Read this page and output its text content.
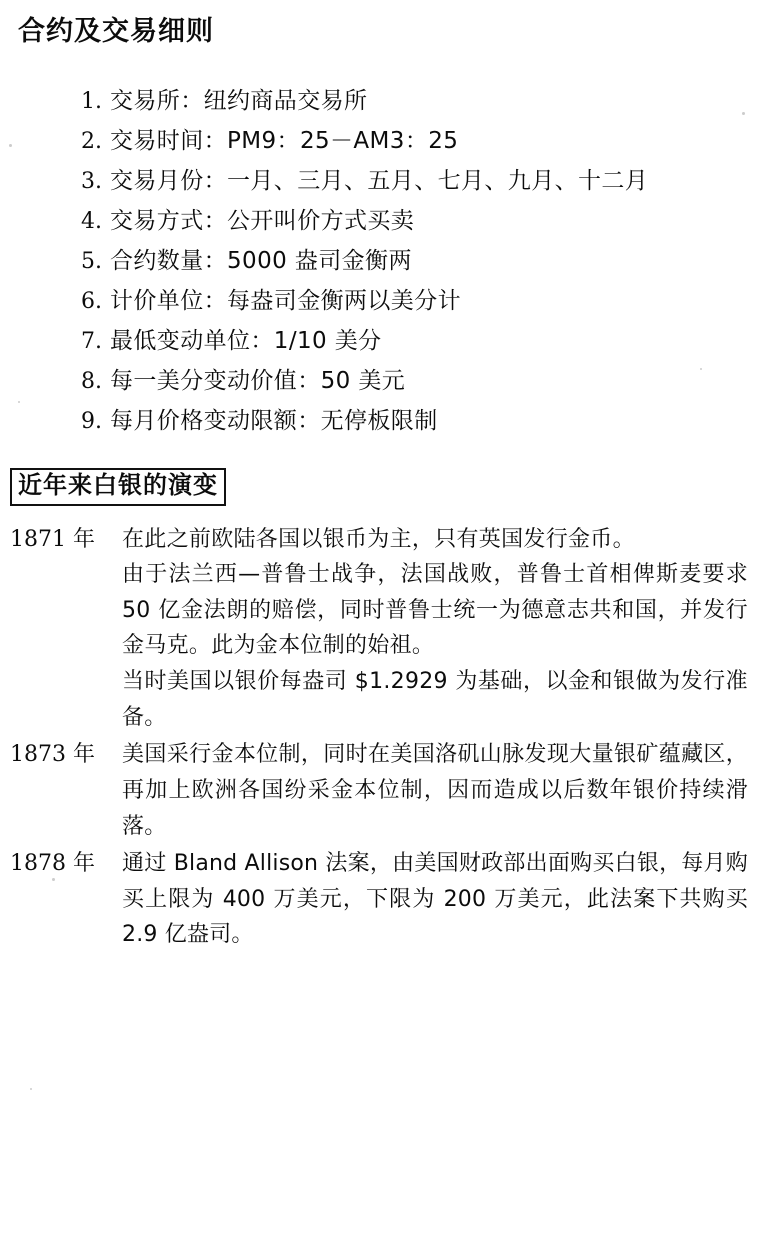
合约及交易细则
1. 交易所：纽约商品交易所
2. 交易时间：PM9：25－AM3：25
3. 交易月份：一月、三月、五月、七月、九月、十二月
4. 交易方式：公开叫价方式买卖
5. 合约数量：5000 盎司金衡两
6. 计价单位：每盎司金衡两以美分计
7. 最低变动单位：1/10 美分
8. 每一美分变动价值：50 美元
9. 每月价格变动限额：无停板限制
近年来白银的演变
1871 年	在此之前欧陆各国以银币为主，只有英国发行金币。

由于法兰西—普鲁士战争，法国战败，普鲁士首相俾斯麦要求 50 亿金法朗的赔偿，同时普鲁士统一为德意志共和国，并发行金马克。此为金本位制的始祖。

当时美国以银价每盎司 $1.2929 为基础，以金和银做为发行准备。

1873 年	美国采行金本位制，同时在美国洛矶山脉发现大量银矿蕴藏区，再加上欧洲各国纷采金本位制，因而造成以后数年银价持续滑落。

1878 年	通过 Bland Allison 法案，由美国财政部出面购买白银，每月购买上限为 400 万美元，下限为 200 万美元，此法案下共购买 2.9 亿盎司。
